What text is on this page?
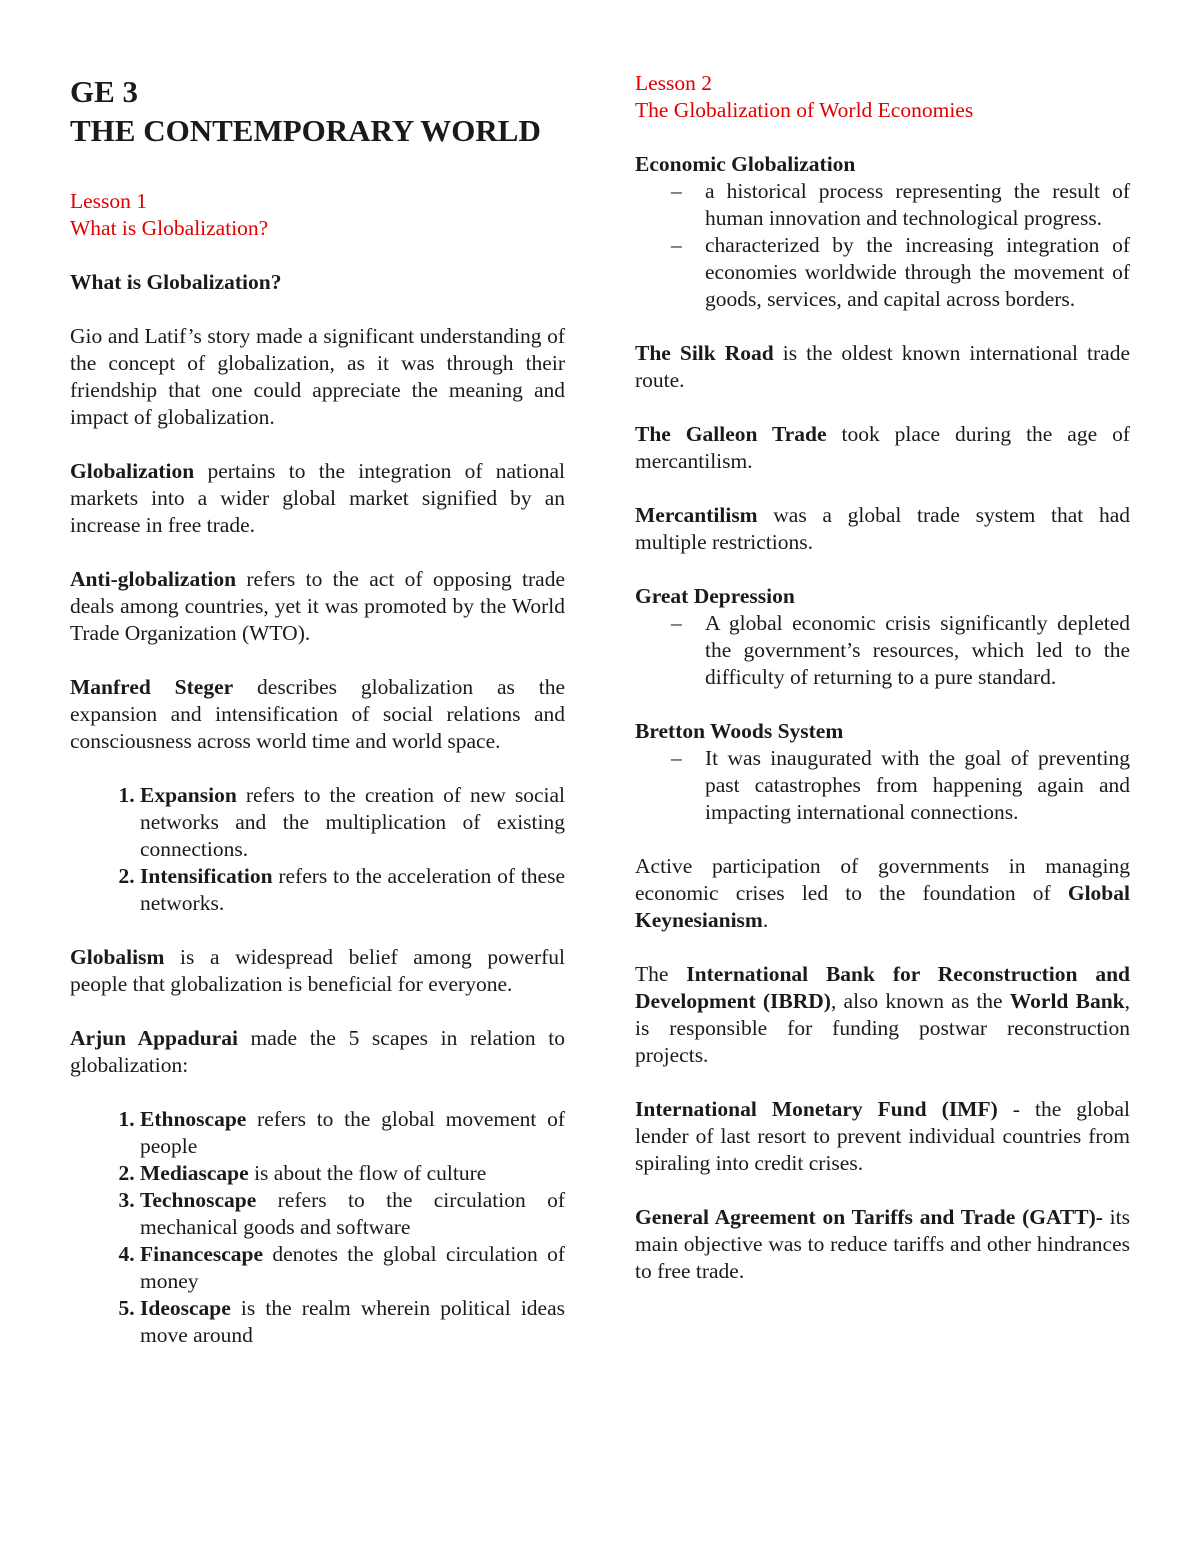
GE 3
THE CONTEMPORARY WORLD
Lesson 1
What is Globalization?
What is Globalization?

Gio and Latif’s story made a significant understanding of the concept of globalization, as it was through their friendship that one could appreciate the meaning and impact of globalization.

Globalization pertains to the integration of national markets into a wider global market signified by an increase in free trade.

Anti-globalization refers to the act of opposing trade deals among countries, yet it was promoted by the World Trade Organization (WTO).

Manfred Steger describes globalization as the expansion and intensification of social relations and consciousness across world time and world space.

1. Expansion refers to the creation of new social networks and the multiplication of existing connections.
2. Intensification refers to the acceleration of these networks.

Globalism is a widespread belief among powerful people that globalization is beneficial for everyone.

Arjun Appadurai made the 5 scapes in relation to globalization:

1. Ethnoscape refers to the global movement of people
2. Mediascape is about the flow of culture
3. Technoscape refers to the circulation of mechanical goods and software
4. Financescape denotes the global circulation of money
5. Ideoscape is the realm wherein political ideas move around
Lesson 2
The Globalization of World Economies
Economic Globalization
– a historical process representing the result of human innovation and technological progress.
– characterized by the increasing integration of economies worldwide through the movement of goods, services, and capital across borders.

The Silk Road is the oldest known international trade route.

The Galleon Trade took place during the age of mercantilism.

Mercantilism was a global trade system that had multiple restrictions.

Great Depression
– A global economic crisis significantly depleted the government’s resources, which led to the difficulty of returning to a pure standard.
Bretton Woods System
– It was inaugurated with the goal of preventing past catastrophes from happening again and impacting international connections.

Active participation of governments in managing economic crises led to the foundation of Global Keynesianism.

The International Bank for Reconstruction and Development (IBRD), also known as the World Bank, is responsible for funding postwar reconstruction projects.

International Monetary Fund (IMF) - the global lender of last resort to prevent individual countries from spiraling into credit crises.

General Agreement on Tariffs and Trade (GATT)- its main objective was to reduce tariffs and other hindrances to free trade.
